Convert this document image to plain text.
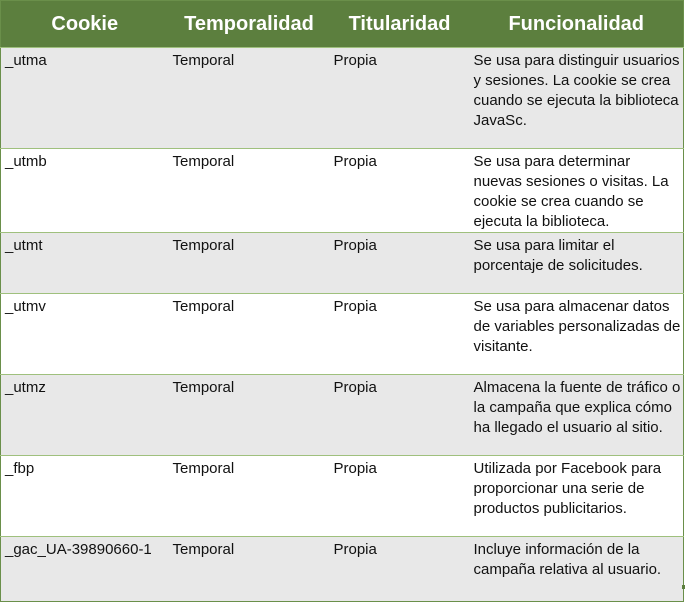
Cookie	Temporalidad	Titularidad	Funcionalidad
_utma	Temporal	Propia	Se usa para distinguir usuarios y sesiones. La cookie se crea cuando se ejecuta la biblioteca JavaSc.
_utmb	Temporal	Propia	Se usa para determinar nuevas sesiones o visitas. La cookie se crea cuando se ejecuta la biblioteca.
_utmt	Temporal	Propia	Se usa para limitar el porcentaje de solicitudes.
_utmv	Temporal	Propia	Se usa para almacenar datos de variables personalizadas de visitante.
_utmz	Temporal	Propia	Almacena la fuente de tráfico o la campaña que explica cómo ha llegado el usuario al sitio.
_fbp	Temporal	Propia	Utilizada por Facebook para proporcionar una serie de productos publicitarios.
_gac_UA-39890660-1	Temporal	Propia	Incluye información de la campaña relativa al usuario.
